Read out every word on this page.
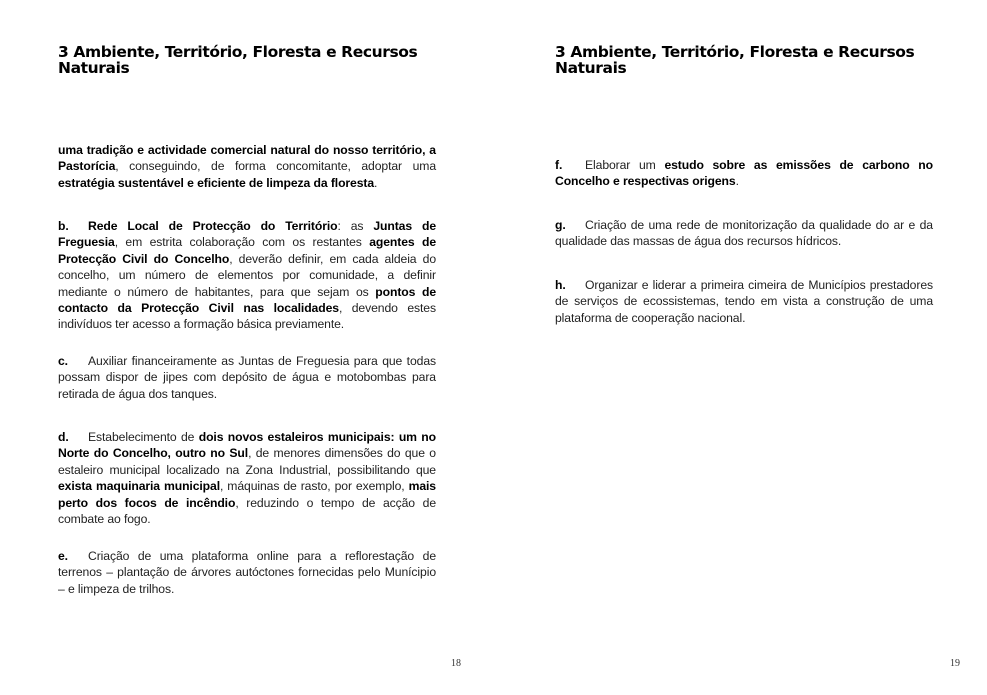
3 Ambiente, Território, Floresta e Recursos Naturais

uma tradição e actividade comercial natural do nosso território, a Pastorícia, conseguindo, de forma concomitante, adoptar uma estratégia sustentável e eficiente de limpeza da floresta.

b. Rede Local de Protecção do Território: as Juntas de Freguesia, em estrita colaboração com os restantes agentes de Protecção Civil do Concelho, deverão definir, em cada aldeia do concelho, um número de elementos por comunidade, a definir mediante o número de habitantes, para que sejam os pontos de contacto da Protecção Civil nas localidades, devendo estes indivíduos ter acesso a formação básica previamente.

c. Auxiliar financeiramente as Juntas de Freguesia para que todas possam dispor de jipes com depósito de água e motobombas para retirada de água dos tanques.

d. Estabelecimento de dois novos estaleiros municipais: um no Norte do Concelho, outro no Sul, de menores dimensões do que o estaleiro municipal localizado na Zona Industrial, possibilitando que exista maquinaria municipal, máquinas de rasto, por exemplo, mais perto dos focos de incêndio, reduzindo o tempo de acção de combate ao fogo.

e. Criação de uma plataforma online para a reflorestação de terrenos – plantação de árvores autóctones fornecidas pelo Munícipio – e limpeza de trilhos.

18
3 Ambiente, Território, Floresta e Recursos Naturais

f. Elaborar um estudo sobre as emissões de carbono no Concelho e respectivas origens.

g. Criação de uma rede de monitorização da qualidade do ar e da qualidade das massas de água dos recursos hídricos.

h. Organizar e liderar a primeira cimeira de Municípios prestadores de serviços de ecossistemas, tendo em vista a construção de uma plataforma de cooperação nacional.

19
